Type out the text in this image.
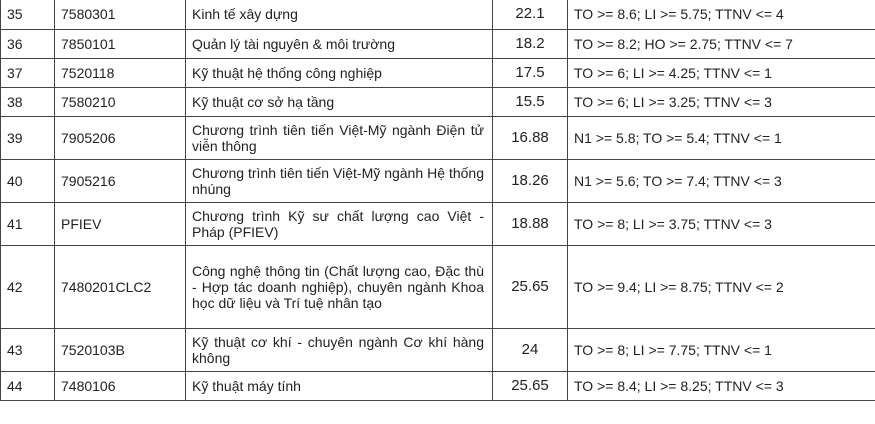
35	7580301	Kinh tế xây dựng	22.1	TO >= 8.6; LI >= 5.75; TTNV <= 4
36	7850101	Quản lý tài nguyên & môi trường	18.2	TO >= 8.2; HO >= 2.75; TTNV <= 7
37	7520118	Kỹ thuật hệ thống công nghiệp	17.5	TO >= 6; LI >= 4.25; TTNV <= 1
38	7580210	Kỹ thuật cơ sở hạ tầng	15.5	TO >= 6; LI >= 3.25; TTNV <= 3
39	7905206	Chương trình tiên tiến Việt-Mỹ ngành Điện tử viễn thông	16.88	N1 >= 5.8; TO >= 5.4; TTNV <= 1
40	7905216	Chương trình tiên tiến Việt-Mỹ ngành Hệ thống nhúng	18.26	N1 >= 5.6; TO >= 7.4; TTNV <= 3
41	PFIEV	Chương trình Kỹ sư chất lượng cao Việt - Pháp (PFIEV)	18.88	TO >= 8; LI >= 3.75; TTNV <= 3
42	7480201CLC2	Công nghệ thông tin (Chất lượng cao, Đặc thù - Hợp tác doanh nghiệp), chuyên ngành Khoa học dữ liệu và Trí tuệ nhân tạo	25.65	TO >= 9.4; LI >= 8.75; TTNV <= 2
43	7520103B	Kỹ thuật cơ khí - chuyên ngành Cơ khí hàng không	24	TO >= 8; LI >= 7.75; TTNV <= 1
44	7480106	Kỹ thuật máy tính	25.65	TO >= 8.4; LI >= 8.25; TTNV <= 3
